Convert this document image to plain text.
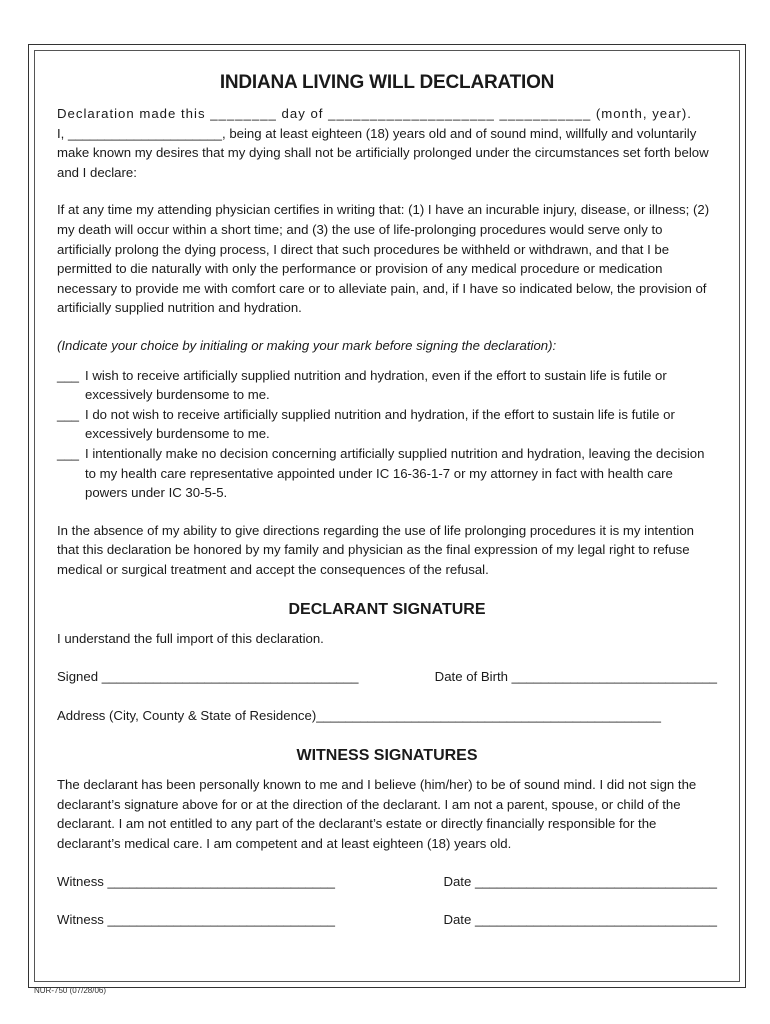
INDIANA LIVING WILL DECLARATION

Declaration made this ________ day of ____________________ ___________ (month, year).

I, _____________________, being at least eighteen (18) years old and of sound mind, willfully and voluntarily make known my desires that my dying shall not be artificially prolonged under the circumstances set forth below and I declare:

If at any time my attending physician certifies in writing that: (1) I have an incurable injury, disease, or illness; (2) my death will occur within a short time; and (3) the use of life-prolonging procedures would serve only to artificially prolong the dying process, I direct that such procedures be withheld or withdrawn, and that I be permitted to die naturally with only the performance or provision of any medical procedure or medication necessary to provide me with comfort care or to alleviate pain, and, if I have so indicated below, the provision of artificially supplied nutrition and hydration.

(Indicate your choice by initialing or making your mark before signing the declaration):

___ I wish to receive artificially supplied nutrition and hydration, even if the effort to sustain life is futile or excessively burdensome to me.
___ I do not wish to receive artificially supplied nutrition and hydration, if the effort to sustain life is futile or excessively burdensome to me.
___ I intentionally make no decision concerning artificially supplied nutrition and hydration, leaving the decision to my health care representative appointed under IC 16-36-1-7 or my attorney in fact with health care powers under IC 30-5-5.

In the absence of my ability to give directions regarding the use of life prolonging procedures it is my intention that this declaration be honored by my family and physician as the final expression of my legal right to refuse medical or surgical treatment and accept the consequences of the refusal.

DECLARANT SIGNATURE

I understand the full import of this declaration.

Signed ___________________________________	Date of Birth ____________________________

Address (City, County & State of Residence)_______________________________________________

WITNESS SIGNATURES

The declarant has been personally known to me and I believe (him/her) to be of sound mind. I did not sign the declarant’s signature above for or at the direction of the declarant. I am not a parent, spouse, or child of the declarant. I am not entitled to any part of the declarant’s estate or directly financially responsible for the declarant’s medical care. I am competent and at least eighteen (18) years old.

Witness _______________________________	Date _________________________________
Witness _______________________________	Date _________________________________
NUR-750 (07/28/06)
